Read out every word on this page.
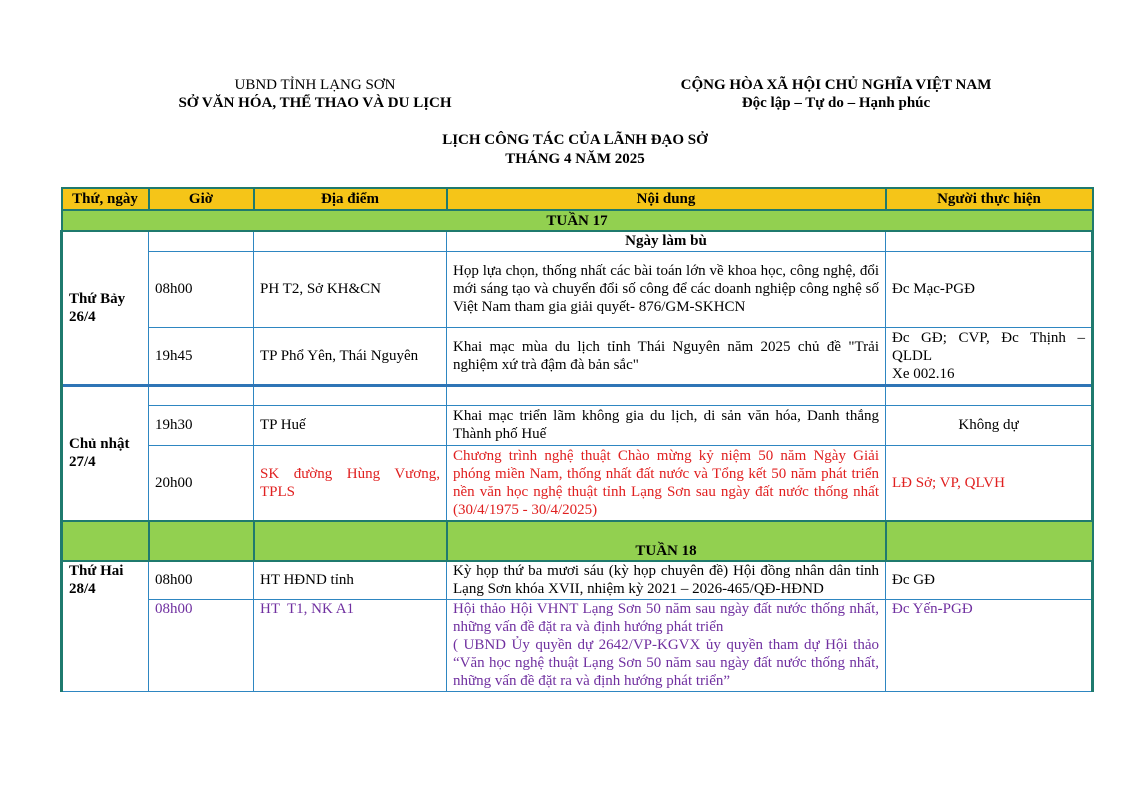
UBND TỈNH LẠNG SƠN
SỞ VĂN HÓA, THỂ THAO VÀ DU LỊCH
CỘNG HÒA XÃ HỘI CHỦ NGHĨA VIỆT NAM
Độc lập – Tự do – Hạnh phúc
LỊCH CÔNG TÁC CỦA LÃNH ĐẠO SỞ
THÁNG 4 NĂM 2025
Thứ, ngày	Giờ	Địa điểm	Nội dung	Người thực hiện
TUẦN 17				
Thứ Bảy
26/4			Ngày làm bù	
	08h00	PH T2, Sở KH&CN	Họp lựa chọn, thống nhất các bài toán lớn về khoa học, công nghệ, đổi mới sáng tạo và chuyển đổi số công để các doanh nghiệp công nghệ số Việt Nam tham gia giải quyết- 876/GM-SKHCN	Đc Mạc-PGĐ
	19h45	TP Phổ Yên, Thái Nguyên	Khai mạc mùa du lịch tỉnh Thái Nguyên năm 2025 chủ đề "Trải nghiệm xứ trà đậm đà bản sắc"	Đc GĐ; CVP, Đc Thịnh – QLDL
Xe 002.16
Chủ nhật
27/4				
	19h30	TP Huế	Khai mạc triển lãm không gia du lịch, di sản văn hóa, Danh thắng Thành phố Huế	Không dự
	20h00	SK đường Hùng Vương, TPLS	Chương trình nghệ thuật Chào mừng kỷ niệm 50 năm Ngày Giải phóng miền Nam, thống nhất đất nước và Tổng kết 50 năm phát triển nền văn học nghệ thuật tỉnh Lạng Sơn sau ngày đất nước thống nhất (30/4/1975 - 30/4/2025)	LĐ Sở; VP, QLVH
			TUẦN 18	
Thứ Hai
28/4	08h00	HT HĐND tỉnh	Kỳ họp thứ ba mươi sáu (kỳ họp chuyên đề) Hội đồng nhân dân tỉnh Lạng Sơn khóa XVII, nhiệm kỳ 2021 – 2026-465/QĐ-HĐND	Đc GĐ
	08h00	HT  T1, NK A1	Hội thảo Hội VHNT Lạng Sơn 50 năm sau ngày đất nước thống nhất, những vấn đề đặt ra và định hướng phát triển
( UBND Ủy quyền dự 2642/VP-KGVX ủy quyền tham dự Hội thảo “Văn học nghệ thuật Lạng Sơn 50 năm sau ngày đất nước thống nhất, những vấn đề đặt ra và định hướng phát triển”	Đc Yến-PGĐ
